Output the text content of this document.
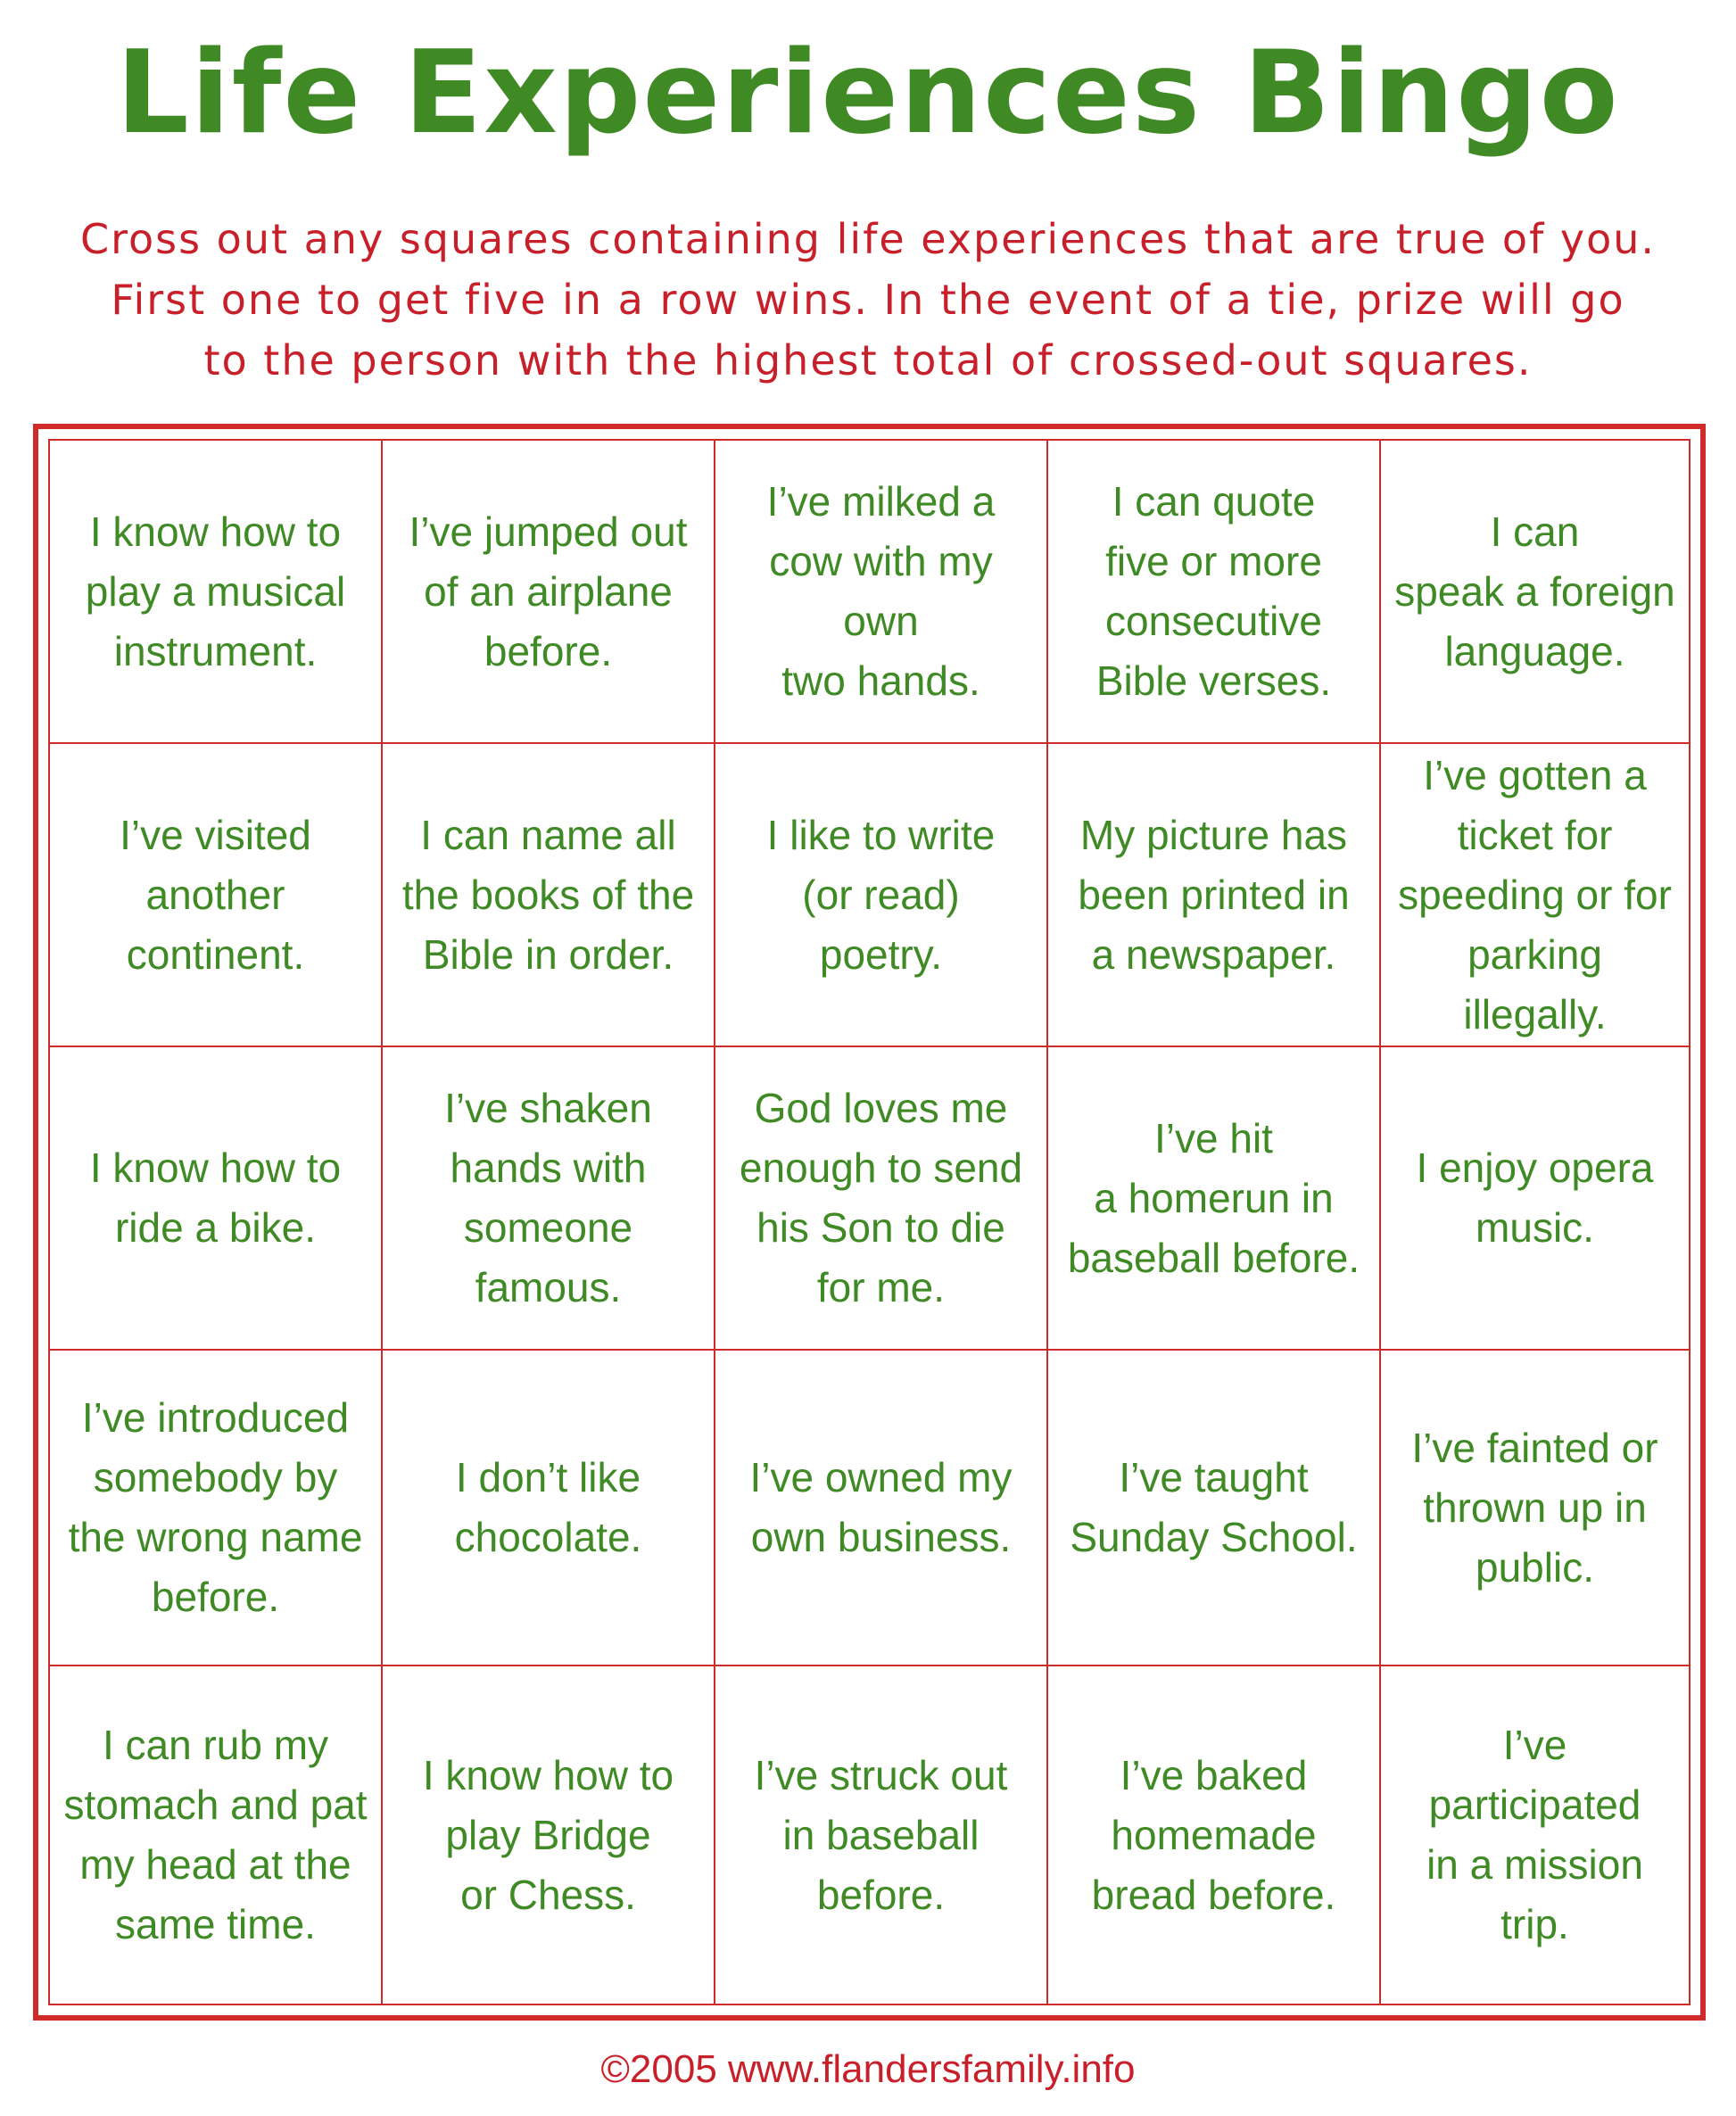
Life Experiences Bingo
Cross out any squares containing life experiences that are true of you.
First one to get five in a row wins. In the event of a tie, prize will go
to the person with the highest total of crossed-out squares.
I know how to
play a musical
instrument.
I’ve jumped out
of an airplane
before.
I’ve milked a
cow with my own
two hands.
I can quote
five or more
consecutive
Bible verses.
I can
speak a foreign
language.
I’ve visited
another
continent.
I can name all
the books of the
Bible in order.
I like to write
(or read)
poetry.
My picture has
been printed in
a newspaper.
I’ve gotten a
ticket for
speeding or for
parking illegally.
I know how to
ride a bike.
I’ve shaken
hands with
someone
famous.
God loves me
enough to send
his Son to die
for me.
I’ve hit
a homerun in
baseball before.
I enjoy opera
music.
I’ve introduced
somebody by
the wrong name
before.
I don’t like
chocolate.
I’ve owned my
own business.
I’ve taught
Sunday School.
I’ve fainted or
thrown up in
public.
I can rub my
stomach and pat
my head at the
same time.
I know how to
play Bridge
or Chess.
I’ve struck out
in baseball
before.
I’ve baked
homemade
bread before.
I’ve participated
in a mission trip.
©2005 www.flandersfamily.info
